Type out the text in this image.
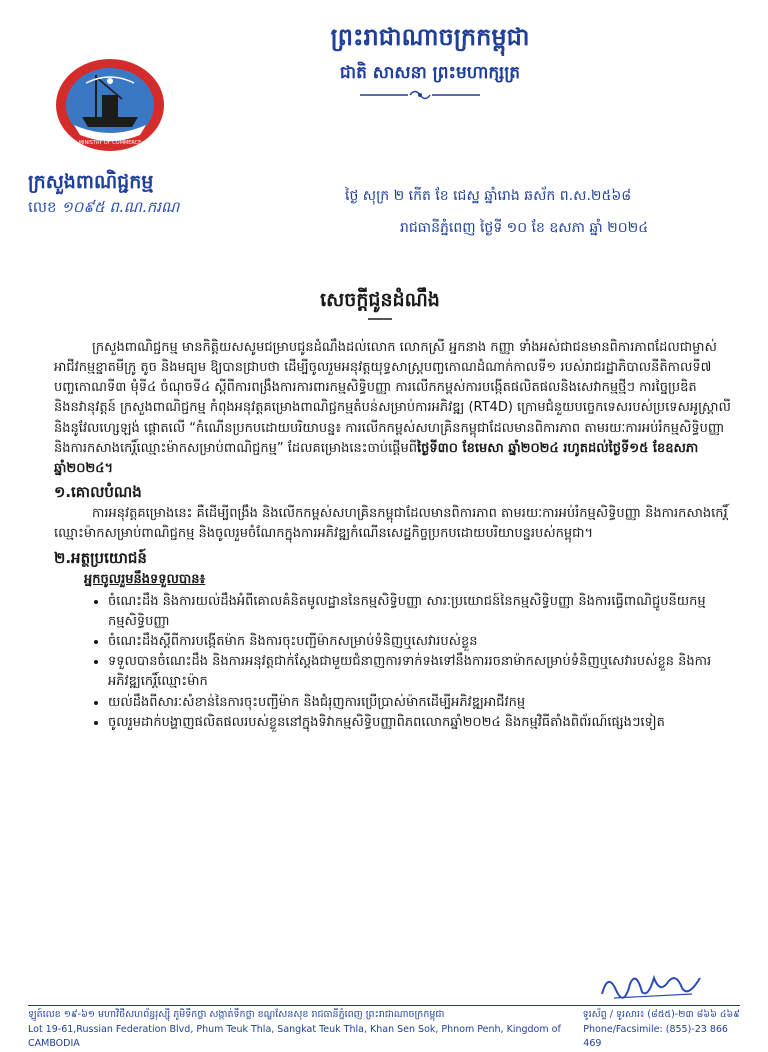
ព្រះរាជាណាចក្រកម្ពុជា
ជាតិ សាសនា ព្រះមហាក្សត្រ
MINISTRY OF COMMERCE
ក្រសួងពាណិជ្ជកម្ម
លេខ ១០៩៥ ព.ណ.ករណ
ថ្ងៃ សុក្រ ២ កើត ខែ ជេស្ឋ ឆ្នាំរោង ឆស័ក ព.ស.២៥៦៨
រាជធានីភ្នំពេញ ថ្ងៃទី ១០ ខែ ឧសភា ឆ្នាំ ២០២៤
សេចក្តីជូនដំណឹង

ក្រសួងពាណិជ្ជកម្ម មានកិត្តិយសសូមជម្រាបជូនដំណឹងដល់លោក លោកស្រី អ្នកនាង កញ្ញា ទាំងអស់ជាជនមានពិការភាពដែលជាម្ចាស់អាជីវកម្មខ្នាតមីក្រូ តូច និងមធ្យម ឱ្យបានជ្រាបថា ដើម្បីចូលរួមអនុវត្តយុទ្ធសាស្ត្របញ្ចកោណដំណាក់កាលទី១ របស់រាជរដ្ឋាភិបាលនីតិកាលទី៧ បញ្ចកោណទី៣ មុំទី៤ ចំណុចទី៤ ស្តីពីការពង្រឹងការការពារកម្មសិទ្ធិបញ្ញា ការលើកកម្ពស់ការបង្កើតផលិតផលនិងសេវាកម្មថ្មីៗ ការច្នៃប្រឌិតនិងនវានុវត្តន៍ ក្រសួងពាណិជ្ជកម្ម កំពុងអនុវត្តគម្រោងពាណិជ្ជកម្មតំបន់សម្រាប់ការអភិវឌ្ឍ (RT4D) ក្រោមជំនួយបច្ចេកទេសរបស់ប្រទេសអូស្ត្រាលី និងនូវែលហ្សេឡង់ ផ្តោតលើ “កំណើនប្រកបដោយបរិយាបន្ន៖ ការលើកកម្ពស់សហគ្រិនកម្ពុជាដែលមានពិការភាព តាមរយៈការអប់រំកម្មសិទ្ធិបញ្ញា និងការកសាងកេរ្តិ៍ឈ្មោះម៉ាកសម្រាប់ពាណិជ្ជកម្ម” ដែលគម្រោងនេះចាប់ផ្តើមពីថ្ងៃទី៣០ ខែមេសា ឆ្នាំ២០២៤ រហូតដល់ថ្ងៃទី១៥ ខែឧសភា ឆ្នាំ២០២៤។

១.គោលបំណង

ការអនុវត្តគម្រោងនេះ គឺដើម្បីពង្រឹង និងលើកកម្ពស់សហគ្រិនកម្ពុជាដែលមានពិការភាព តាមរយៈការអប់រំកម្មសិទ្ធិបញ្ញា និងការកសាងកេរ្តិ៍ឈ្មោះម៉ាកសម្រាប់ពាណិជ្ជកម្ម និងចូលរួមចំណែកក្នុងការអភិវឌ្ឍកំណើនសេដ្ឋកិច្ចប្រកបដោយបរិយាបន្នរបស់កម្ពុជា។

២.អត្ថប្រយោជន៍

អ្នកចូលរួមនឹងទទួលបាន៖

• ចំណេះដឹង និងការយល់ដឹងអំពីគោលគំនិតមូលដ្ឋាននៃកម្មសិទ្ធិបញ្ញា សារៈប្រយោជន៍នៃកម្មសិទ្ធិបញ្ញា និងការធ្វើពាណិជ្ជូបនីយកម្មកម្មសិទ្ធិបញ្ញា
• ចំណេះដឹងស្តីពីការបង្កើតម៉ាក និងការចុះបញ្ជីម៉ាកសម្រាប់ទំនិញឬសេវារបស់ខ្លួន
• ទទួលបានចំណេះដឹង និងការអនុវត្តជាក់ស្តែងជាមួយជំនាញការទាក់ទងទៅនឹងការរចនាម៉ាកសម្រាប់ទំនិញឬសេវារបស់ខ្លួន និងការអភិវឌ្ឍកេរ្តិ៍ឈ្មោះម៉ាក
• យល់ដឹងពីសារៈសំខាន់នៃការចុះបញ្ជីម៉ាក និងជំរុញការប្រើប្រាស់ម៉ាកដើម្បីអភិវឌ្ឍអាជីវកម្ម
• ចូលរួមដាក់បង្ហាញផលិតផលរបស់ខ្លួននៅក្នុងទិវាកម្មសិទ្ធិបញ្ញាពិភពលោកឆ្នាំ២០២៤ និងកម្មវិធីតាំងពិព័រណ៍ផ្សេងៗទៀត
ឡូត៍លេខ ១៩-៦១ មហាវិថីសហព័ន្ធរុស្ស៊ី ភូមិទឹកថ្លា សង្កាត់ទឹកថ្លា ខណ្ឌសែនសុខ រាជធានីភ្នំពេញ ព្រះរាជាណាចក្រកម្ពុជា	ទូរស័ព្ទ / ទូរសារ៖ (៨៥៥)-២៣ ៨៦៦ ៤៦៩
Lot 19-61,Russian Federation Blvd, Phum Teuk Thla, Sangkat Teuk Thla, Khan Sen Sok, Phnom Penh, Kingdom of CAMBODIA
Phone/Facsimile: (855)-23 866 469
